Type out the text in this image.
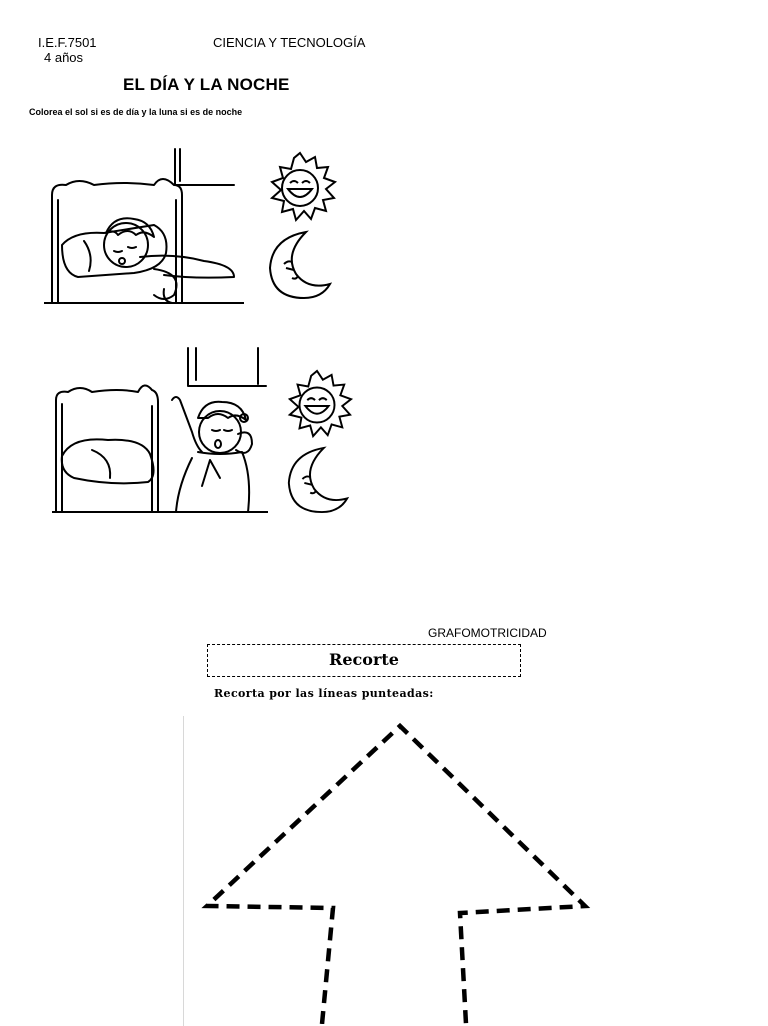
I.E.F.7501
4 años
CIENCIA Y TECNOLOGÍA
EL DÍA Y LA NOCHE
Colorea el sol si es de día y la luna si es de noche
GRAFOMOTRICIDAD
Recorte
Recorta por las líneas punteadas:
